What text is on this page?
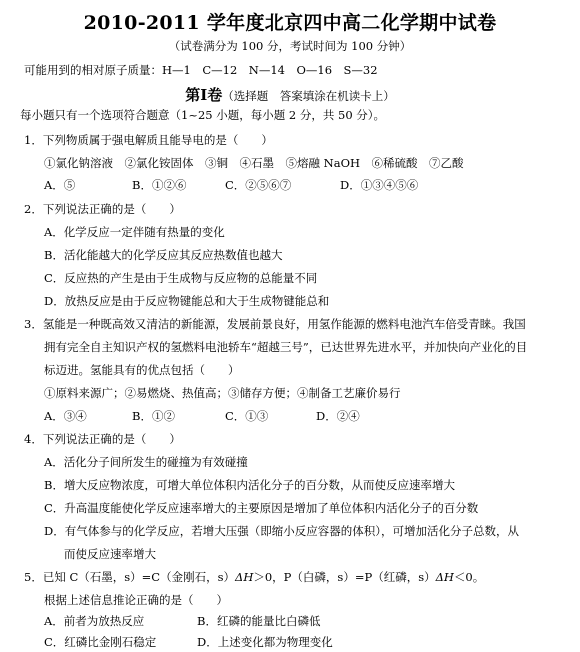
2010-2011 学年度北京四中高二化学期中试卷
（试卷满分为 100 分，考试时间为 100 分钟）
可能用到的相对原子质量：H—1　C—12　N—14　O—16　S—32
第Ⅰ卷（选择题　答案填涂在机读卡上）
每小题只有一个选项符合题意（1~25 小题，每小题 2 分，共 50 分）。
1．下列物质属于强电解质且能导电的是（　　）
①氯化钠溶液　②氯化铵固体　③铜　④石墨　⑤熔融 NaOH　⑥稀硫酸　⑦乙酸
A．⑤	B．①②⑥	C．②⑤⑥⑦	D．①③④⑤⑥
2．下列说法正确的是（　　）
A．化学反应一定伴随有热量的变化
B．活化能越大的化学反应其反应热数值也越大
C．反应热的产生是由于生成物与反应物的总能量不同
D．放热反应是由于反应物键能总和大于生成物键能总和
3．氢能是一种既高效又清洁的新能源，发展前景良好，用氢作能源的燃料电池汽车倍受青睐。我国
拥有完全自主知识产权的氢燃料电池轿车“超越三号”，已达世界先进水平，并加快向产业化的目
标迈进。氢能具有的优点包括（　　）
①原料来源广；②易燃烧、热值高；③储存方便；④制备工艺廉价易行
A．③④	B．①②	C．①③	D．②④
4．下列说法正确的是（　　）
A．活化分子间所发生的碰撞为有效碰撞
B．增大反应物浓度，可增大单位体积内活化分子的百分数，从而使反应速率增大
C．升高温度能使化学反应速率增大的主要原因是增加了单位体积内活化分子的百分数
D．有气体参与的化学反应，若增大压强（即缩小反应容器的体积），可增加活化分子总数，从
而使反应速率增大
5．已知 C（石墨，s）=C（金刚石，s）ΔH＞0，P（白磷，s）=P（红磷，s）ΔH＜0。
根据上述信息推论正确的是（　　）
A．前者为放热反应	B．红磷的能量比白磷低
C．红磷比金刚石稳定	D．上述变化都为物理变化
